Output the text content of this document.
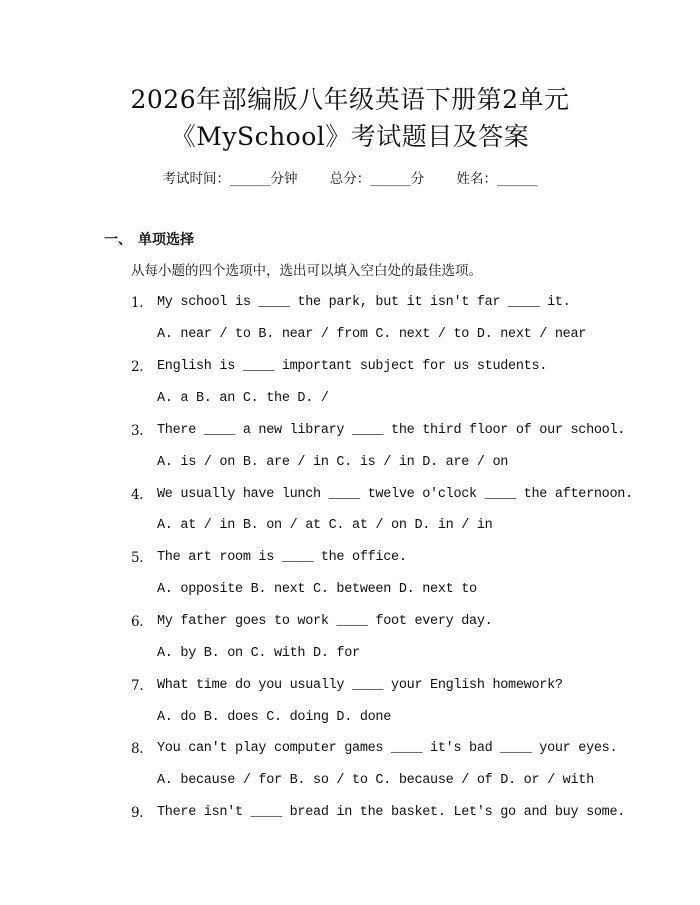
2026年部编版八年级英语下册第2单元
《MySchool》考试题目及答案
考试时间：______分钟 总分：______分 姓名：______
一、 单项选择
从每小题的四个选项中，选出可以填入空白处的最佳选项。
1.	My school is ____ the park, but it isn't far ____ it.
A. near / to B. near / from C. next / to D. next / near
2.	English is ____ important subject for us students.
A. a B. an C. the D. /
3.	There ____ a new library ____ the third floor of our school.
A. is / on B. are / in C. is / in D. are / on
4.	We usually have lunch ____ twelve o'clock ____ the afternoon.
A. at / in B. on / at C. at / on D. in / in
5.	The art room is ____ the office.
A. opposite B. next C. between D. next to
6.	My father goes to work ____ foot every day.
A. by B. on C. with D. for
7.	What time do you usually ____ your English homework?
A. do B. does C. doing D. done
8.	You can't play computer games ____ it's bad ____ your eyes.
A. because / for B. so / to C. because / of D. or / with
9.	There isn't ____ bread in the basket. Let's go and buy some.
